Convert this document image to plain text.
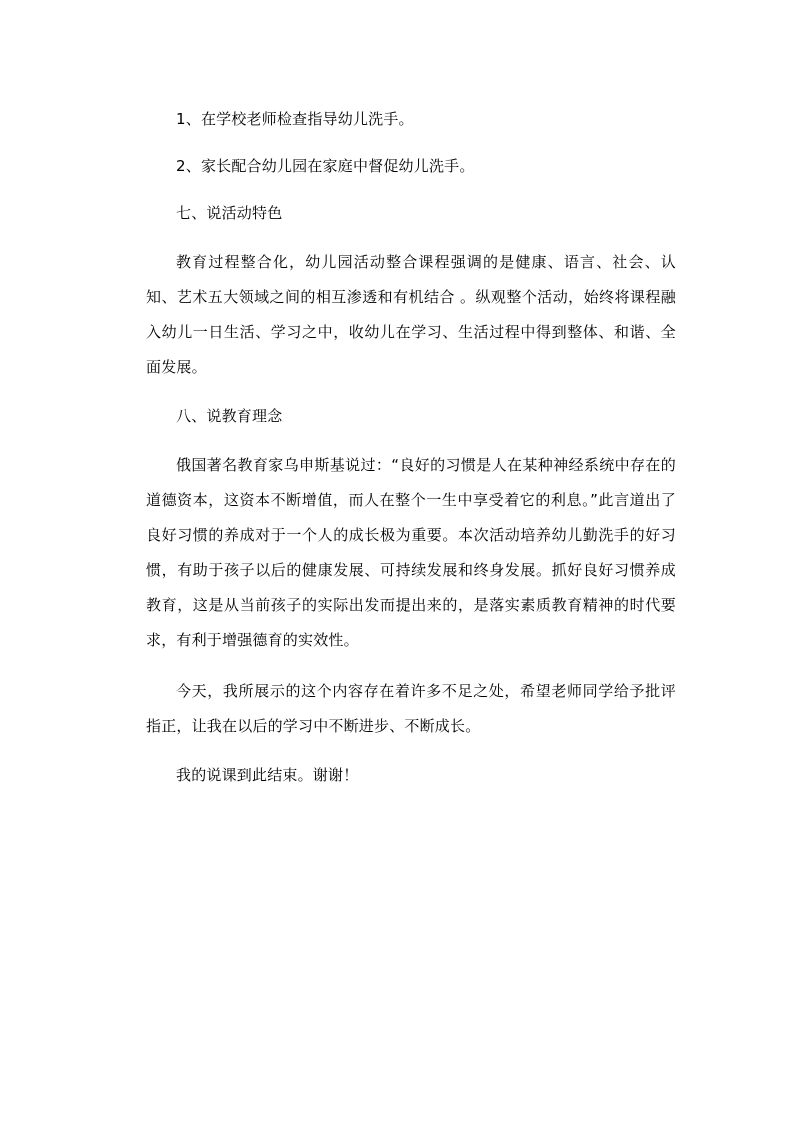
1、在学校老师检查指导幼儿洗手。

2、家长配合幼儿园在家庭中督促幼儿洗手。

七、说活动特色

教育过程整合化，幼儿园活动整合课程强调的是健康、语言、社会、认知、艺术五大领域之间的相互渗透和有机结合 。纵观整个活动，始终将课程融入幼儿一日生活、学习之中，收幼儿在学习、生活过程中得到整体、和谐、全面发展。

八、说教育理念

俄国著名教育家乌申斯基说过：“良好的习惯是人在某种神经系统中存在的道德资本，这资本不断增值，而人在整个一生中享受着它的利息。”此言道出了良好习惯的养成对于一个人的成长极为重要。本次活动培养幼儿勤洗手的好习惯，有助于孩子以后的健康发展、可持续发展和终身发展。抓好良好习惯养成教育，这是从当前孩子的实际出发而提出来的，是落实素质教育精神的时代要求，有利于增强德育的实效性。

今天，我所展示的这个内容存在着许多不足之处，希望老师同学给予批评指正，让我在以后的学习中不断进步、不断成长。

我的说课到此结束。谢谢！
